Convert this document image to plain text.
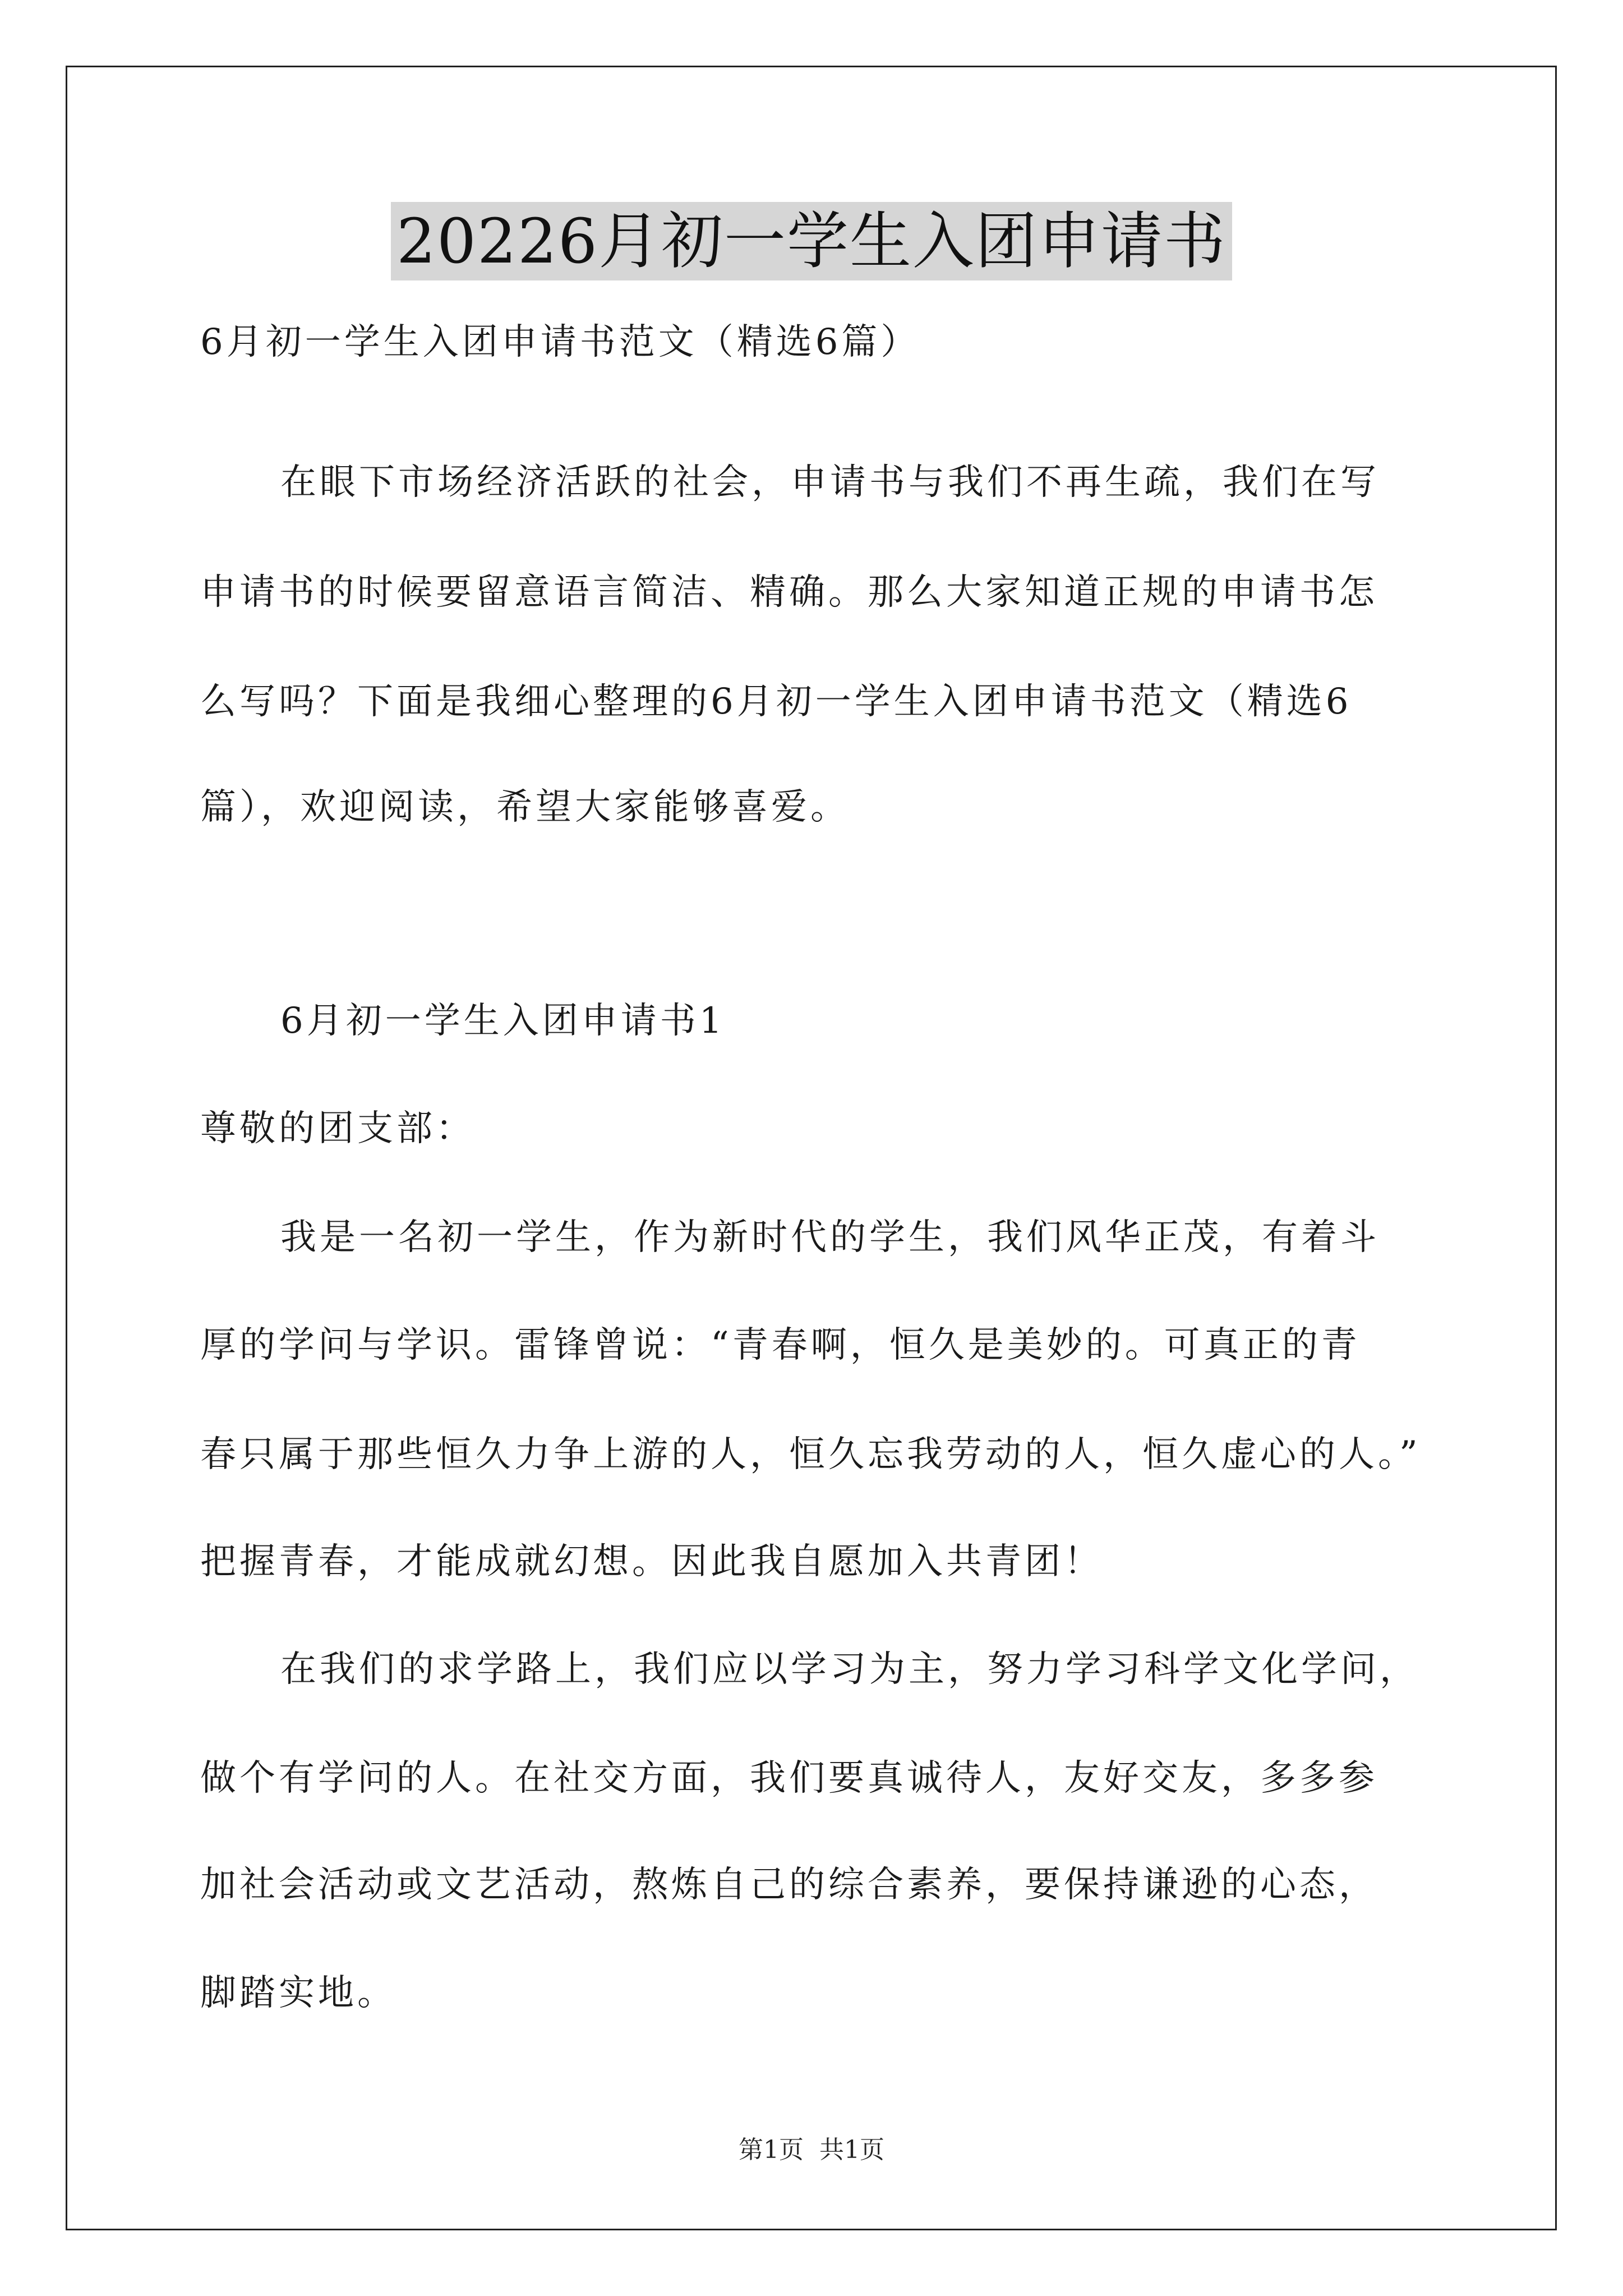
20226月初一学生入团申请书
6月初一学生入团申请书范文（精选6篇）
在眼下市场经济活跃的社会，申请书与我们不再生疏，我们在写
申请书的时候要留意语言简洁、精确。那么大家知道正规的申请书怎
么写吗？下面是我细心整理的6月初一学生入团申请书范文（精选6
篇），欢迎阅读，希望大家能够喜爱。
6月初一学生入团申请书1
尊敬的团支部：
我是一名初一学生，作为新时代的学生，我们风华正茂，有着斗
厚的学问与学识。雷锋曾说：“青春啊，恒久是美妙的。可真正的青
春只属于那些恒久力争上游的人，恒久忘我劳动的人，恒久虚心的人。”
把握青春，才能成就幻想。因此我自愿加入共青团！
在我们的求学路上，我们应以学习为主，努力学习科学文化学问，
做个有学问的人。在社交方面，我们要真诚待人，友好交友，多多参
加社会活动或文艺活动，熬炼自己的综合素养，要保持谦逊的心态，
脚踏实地。
第1页 共1页
